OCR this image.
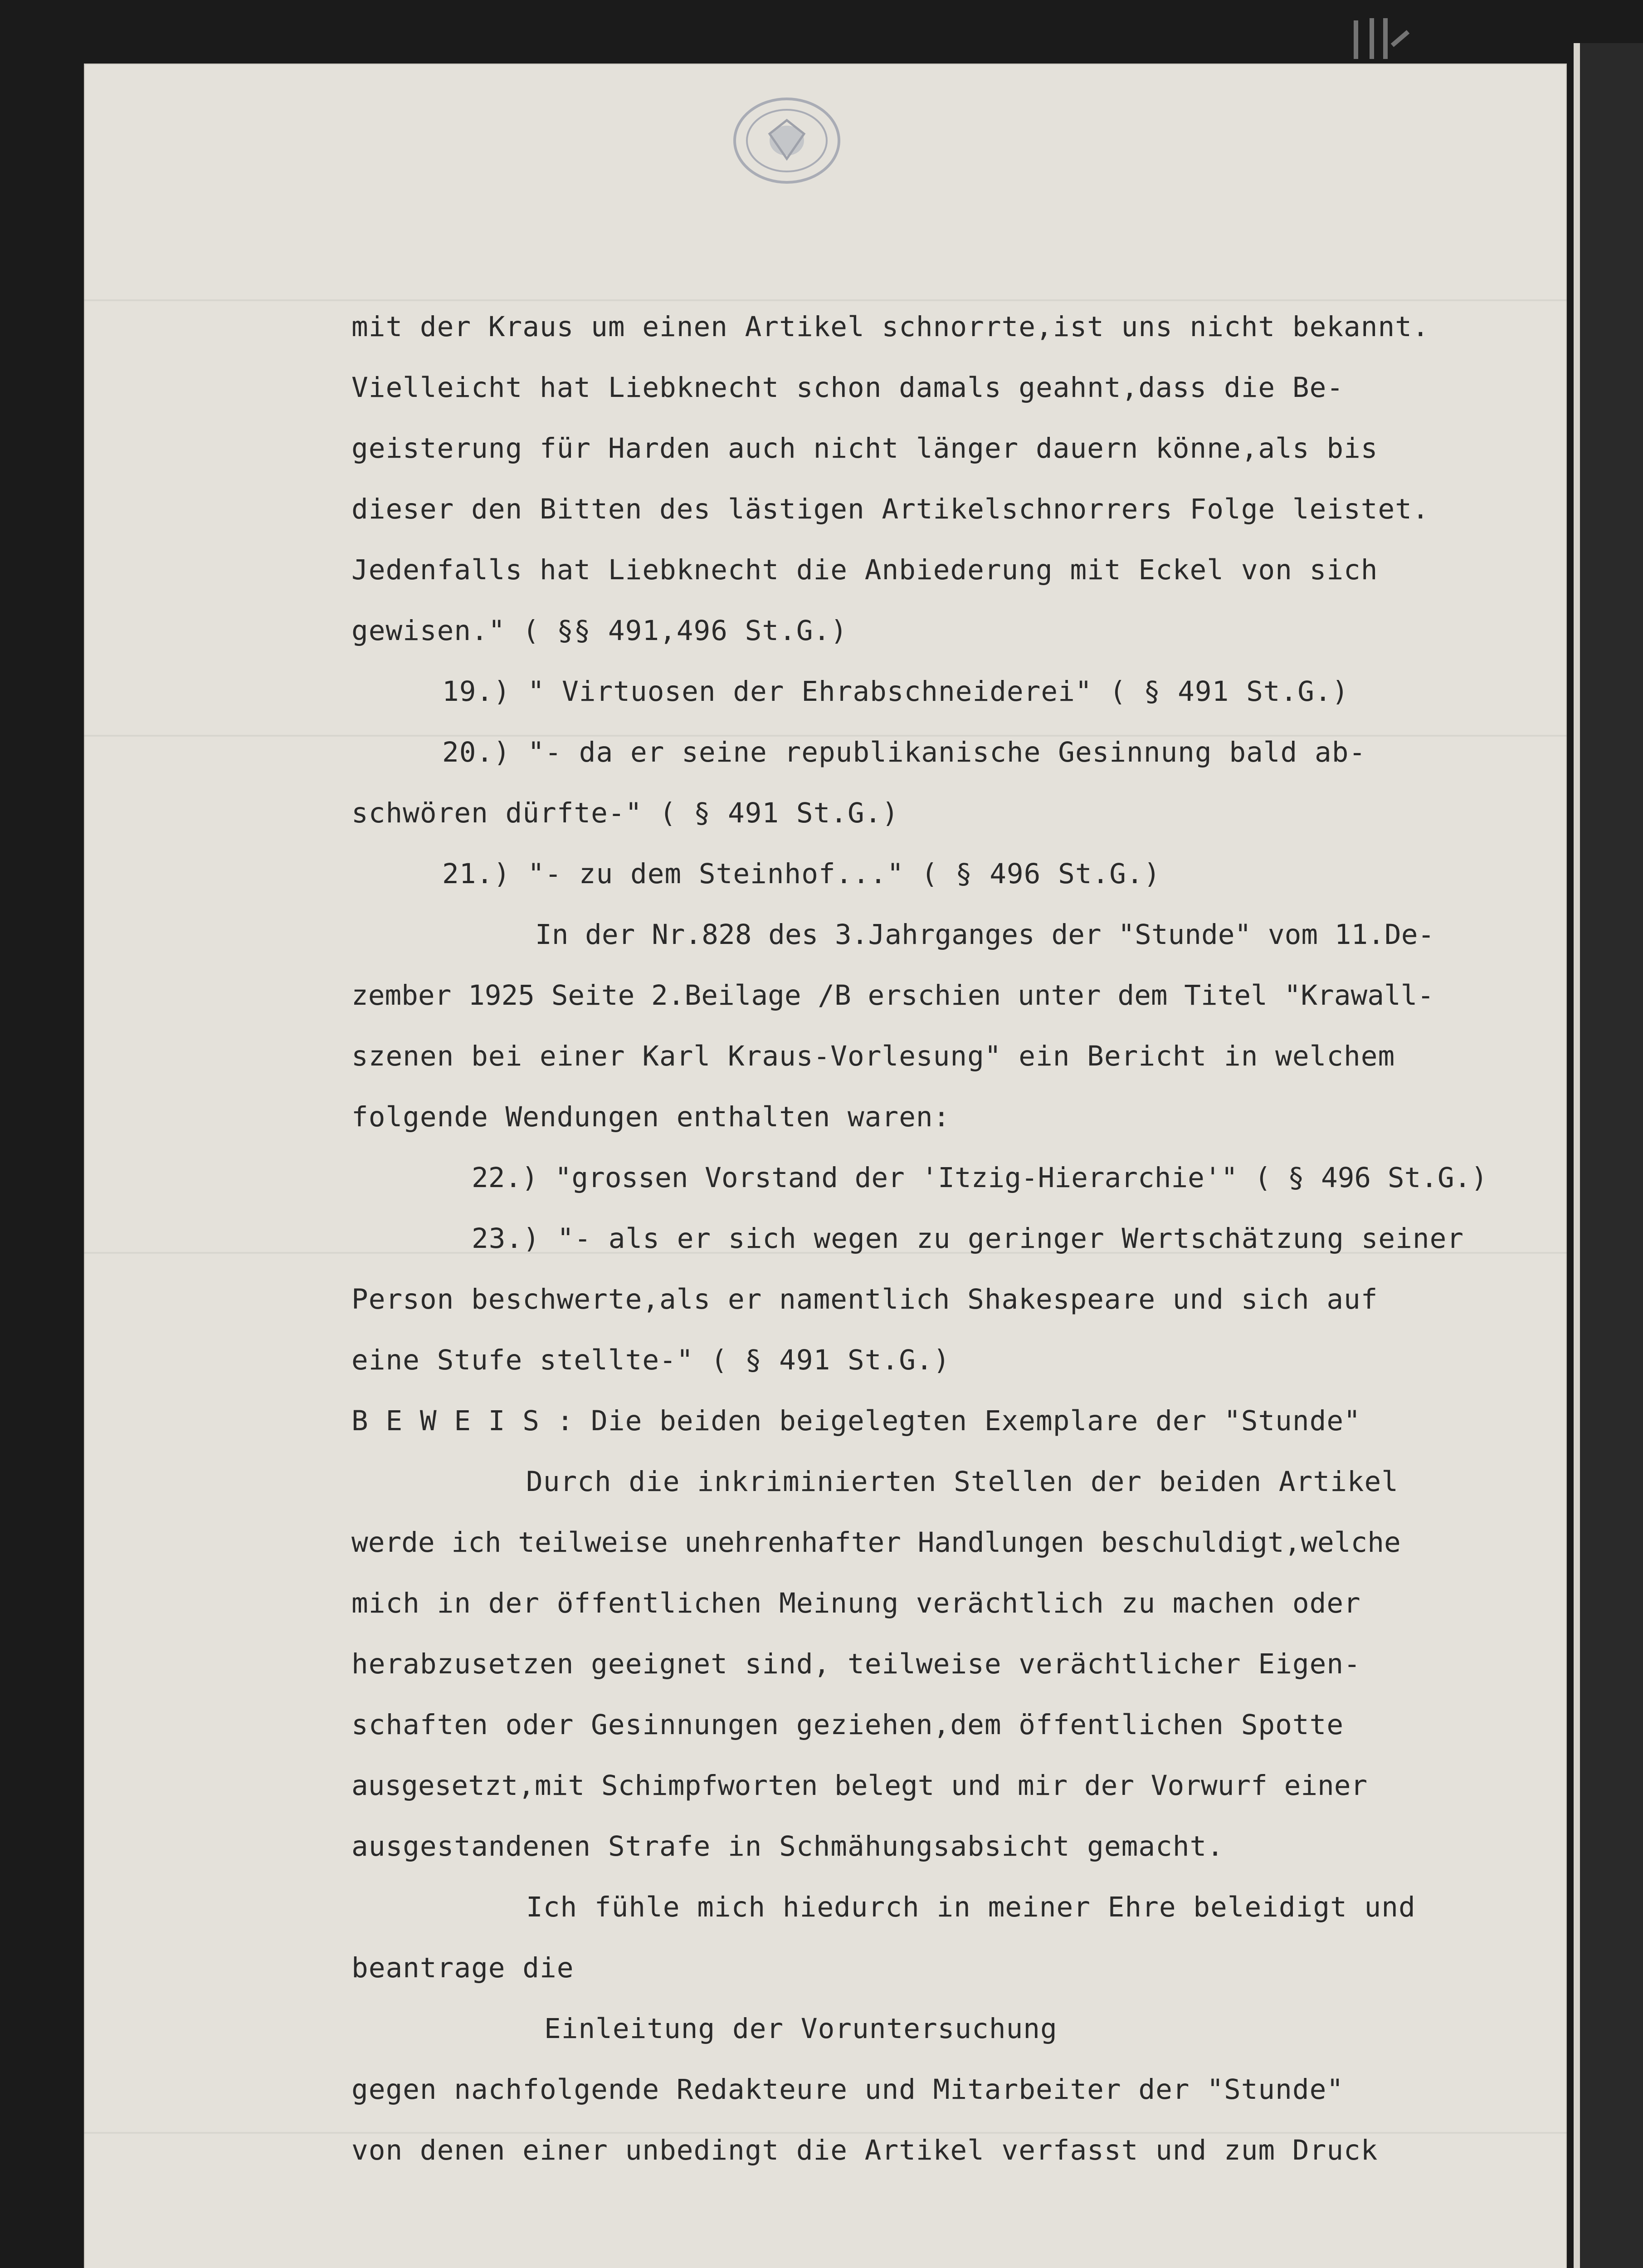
mit der Kraus um einen Artikel schnorrte,ist uns nicht bekannt.
Vielleicht hat Liebknecht schon damals geahnt,dass die Be-
geisterung für Harden auch nicht länger dauern könne,als bis
dieser den Bitten des lästigen Artikelschnorrers Folge leistet.
Jedenfalls hat Liebknecht die Anbiederung mit Eckel von sich
gewisen." ( §§ 491,496 St.G.)
19.) " Virtuosen der Ehrabschneiderei" ( § 491 St.G.)
20.) "- da er seine republikanische Gesinnung bald ab-
schwören dürfte-" ( § 491 St.G.)
21.) "- zu dem Steinhof..." ( § 496 St.G.)
In der Nr.828 des 3.Jahrganges der "Stunde" vom 11.De-
zember 1925 Seite 2.Beilage /B erschien unter dem Titel "Krawall-
szenen bei einer Karl Kraus-Vorlesung" ein Bericht in welchem
folgende Wendungen enthalten waren:
22.) "grossen Vorstand der 'Itzig-Hierarchie'" ( § 496 St.G.)
23.) "- als er sich wegen zu geringer Wertschätzung seiner
Person beschwerte,als er namentlich Shakespeare und sich auf
eine Stufe stellte-" ( § 491 St.G.)
B E W E I S : Die beiden beigelegten Exemplare der "Stunde"
Durch die inkriminierten Stellen der beiden Artikel
werde ich teilweise unehrenhafter Handlungen beschuldigt,welche
mich in der öffentlichen Meinung verächtlich zu machen oder
herabzusetzen geeignet sind, teilweise verächtlicher Eigen-
schaften oder Gesinnungen geziehen,dem öffentlichen Spotte
ausgesetzt,mit Schimpfworten belegt und mir der Vorwurf einer
ausgestandenen Strafe in Schmähungsabsicht gemacht.
Ich fühle mich hiedurch in meiner Ehre beleidigt und
beantrage die
Einleitung der Voruntersuchung
gegen nachfolgende Redakteure und Mitarbeiter der "Stunde"
von denen einer unbedingt die Artikel verfasst und zum Druck
